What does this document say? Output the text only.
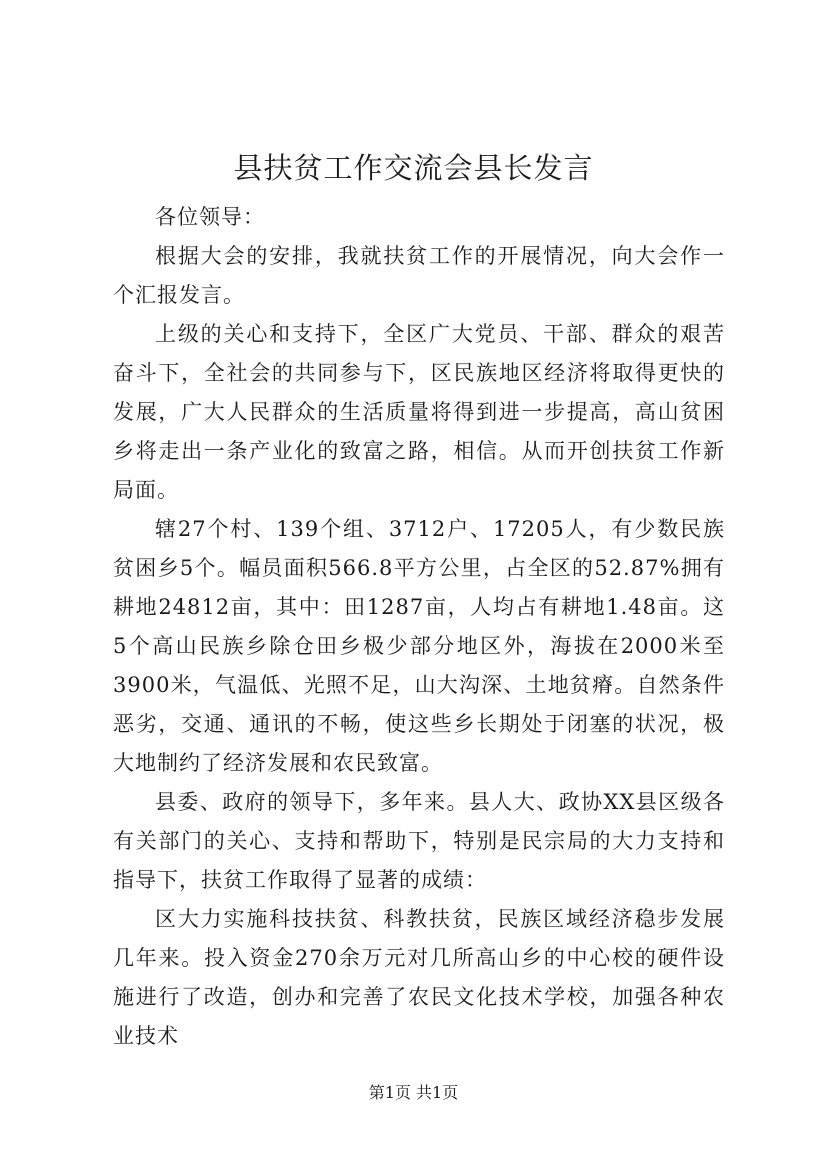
县扶贫工作交流会县长发言

各位领导：

根据大会的安排，我就扶贫工作的开展情况，向大会作一个汇报发言。

上级的关心和支持下，全区广大党员、干部、群众的艰苦奋斗下，全社会的共同参与下，区民族地区经济将取得更快的发展，广大人民群众的生活质量将得到进一步提高，高山贫困乡将走出一条产业化的致富之路，相信。从而开创扶贫工作新局面。

辖27个村、139个组、3712户、17205人，有少数民族贫困乡5个。幅员面积566.8平方公里，占全区的52.87%拥有耕地24812亩，其中：田1287亩，人均占有耕地1.48亩。这5个高山民族乡除仓田乡极少部分地区外，海拔在2000米至3900米，气温低、光照不足，山大沟深、土地贫瘠。自然条件恶劣，交通、通讯的不畅，使这些乡长期处于闭塞的状况，极大地制约了经济发展和农民致富。

县委、政府的领导下，多年来。县人大、政协XX县区级各有关部门的关心、支持和帮助下，特别是民宗局的大力支持和指导下，扶贫工作取得了显著的成绩：

区大力实施科技扶贫、科教扶贫，民族区域经济稳步发展几年来。投入资金270余万元对几所高山乡的中心校的硬件设施进行了改造，创办和完善了农民文化技术学校，加强各种农业技术

第1页 共1页
